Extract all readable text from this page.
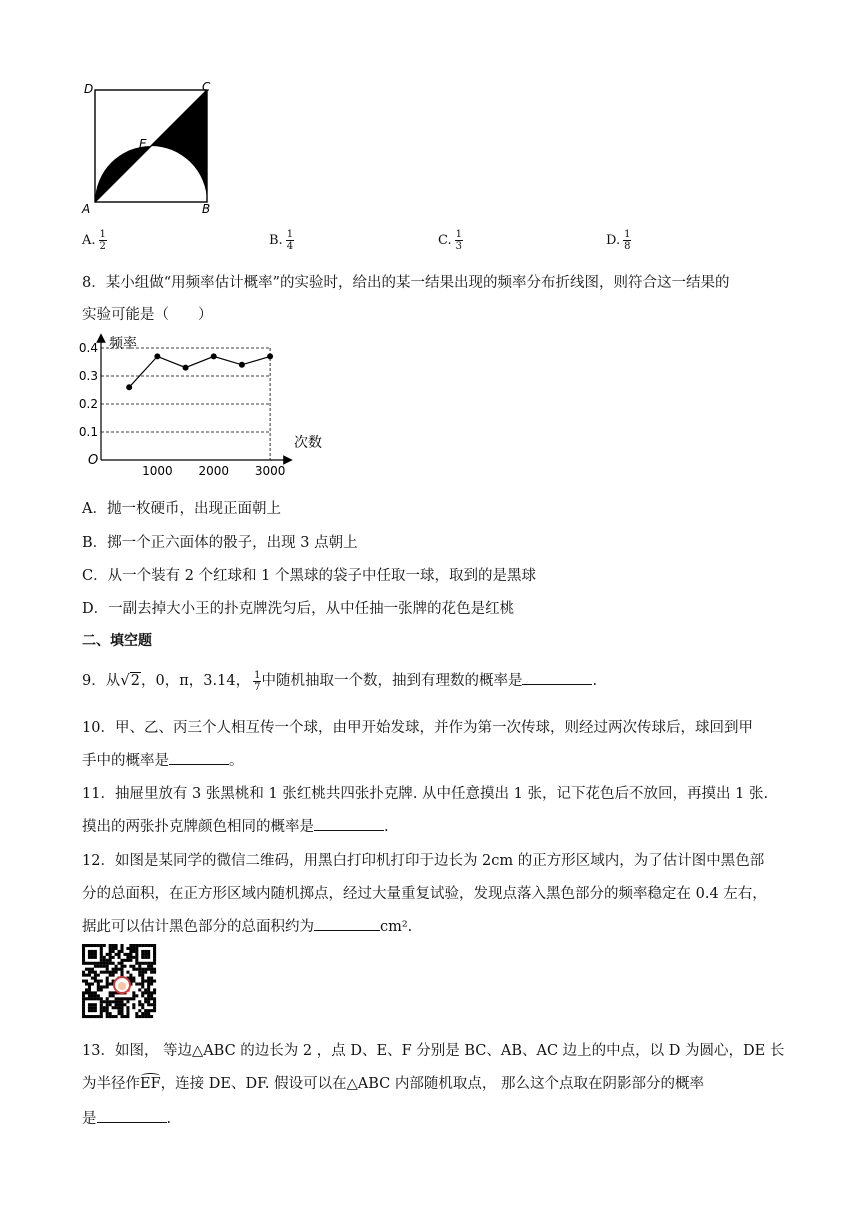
D	C
E
A	B
A. $\frac{1}{2}$	B. $\frac{1}{4}$	C. $\frac{1}{3}$	D. $\frac{1}{8}$
8．某小组做“用频率估计概率”的实验时，给出的某一结果出现的频率分布折线图，则符合这一结果的
实验可能是（　　）
0.1
0.2
0.3
0.4
1000 2000 3000
频率
次数
O
A．抛一枚硬币，出现正面朝上
B．掷一个正六面体的骰子，出现 3 点朝上
C．从一个装有 2 个红球和 1 个黑球的袋子中任取一球，取到的是黑球
D．一副去掉大小王的扑克牌洗匀后，从中任抽一张牌的花色是红桃
二、填空题
9．从√2，0，π，3.14， $\frac{1}{7}$ 中随机抽取一个数，抽到有理数的概率是	.
10．甲、乙、丙三个人相互传一个球，由甲开始发球，并作为第一次传球，则经过两次传球后，球回到甲
手中的概率是	。
11．抽屉里放有 3 张黑桃和 1 张红桃共四张扑克牌. 从中任意摸出 1 张，记下花色后不放回，再摸出 1 张.
摸出的两张扑克牌颜色相同的概率是	.
12．如图是某同学的微信二维码，用黑白打印机打印于边长为 2cm 的正方形区域内，为了估计图中黑色部
分的总面积，在正方形区域内随机掷点，经过大量重复试验，发现点落入黑色部分的频率稳定在 0.4 左右，
据此可以估计黑色部分的总面积约为	cm².
13．如图， 等边△ABC 的边长为 2 ，点 D、E、F 分别是 BC、AB、AC 边上的中点，以 D 为圆心，DE 长
为半径作EF，连接 DE、DF. 假设可以在△ABC 内部随机取点， 那么这个点取在阴影部分的概率
是	.
